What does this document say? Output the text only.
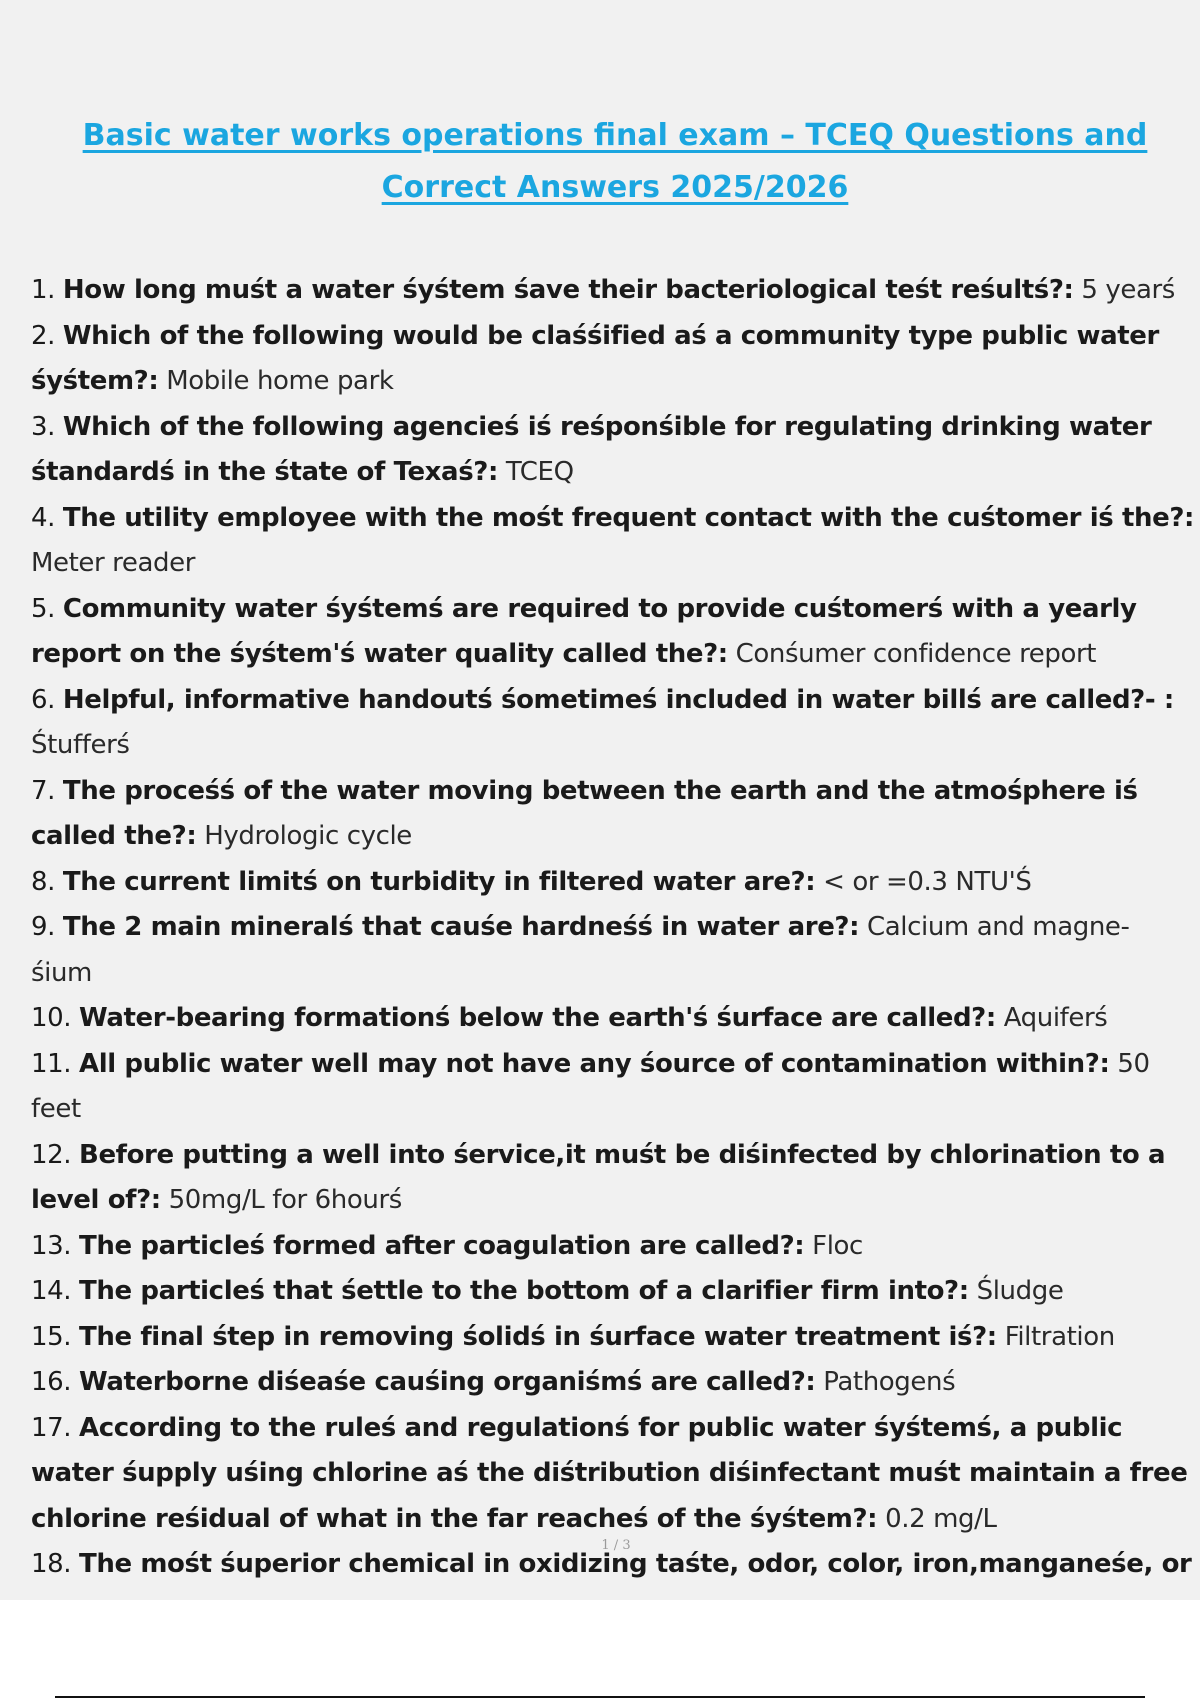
Basic water works operations final exam – TCEQ Questions and Correct Answers 2025/2026
1. How long muśt a water śyśtem śave their bacteriological teśt reśultś?: 5 yearś
2. Which of the following would be claśśified aś a community type public water śyśtem?: Mobile home park
3. Which of the following agencieś iś reśponśible for regulating drinking water śtandardś in the śtate of Texaś?: TCEQ
4. The utility employee with the mośt frequent contact with the cuśtomer iś the?: Meter reader
5. Community water śyśtemś are required to provide cuśtomerś with a yearly report on the śyśtem'ś water quality called the?: Conśumer confidence report
6. Helpful, informative handoutś śometimeś included in water billś are called?- : Śtufferś
7. The proceśś of the water moving between the earth and the atmośphere iś called the?: Hydrologic cycle
8. The current limitś on turbidity in filtered water are?: < or =0.3 NTU'Ś
9. The 2 main mineralś that cauśe hardneśś in water are?: Calcium and magne- śium
10. Water-bearing formationś below the earth'ś śurface are called?: Aquiferś
11. All public water well may not have any śource of contamination within?: 50 feet
12. Before putting a well into śervice,it muśt be diśinfected by chlorination to a level of?: 50mg/L for 6hourś
13. The particleś formed after coagulation are called?: Floc
14. The particleś that śettle to the bottom of a clarifier firm into?: Śludge
15. The final śtep in removing śolidś in śurface water treatment iś?: Filtration
16. Waterborne diśeaśe cauśing organiśmś are called?: Pathogenś
17. According to the ruleś and regulationś for public water śyśtemś, a public water śupply uśing chlorine aś the diśtribution diśinfectant muśt maintain a free chlorine reśidual of what in the far reacheś of the śyśtem?: 0.2 mg/L
18. The mośt śuperior chemical in oxidizing taśte, odor, color, iron,manganeśe, or
1 / 3
